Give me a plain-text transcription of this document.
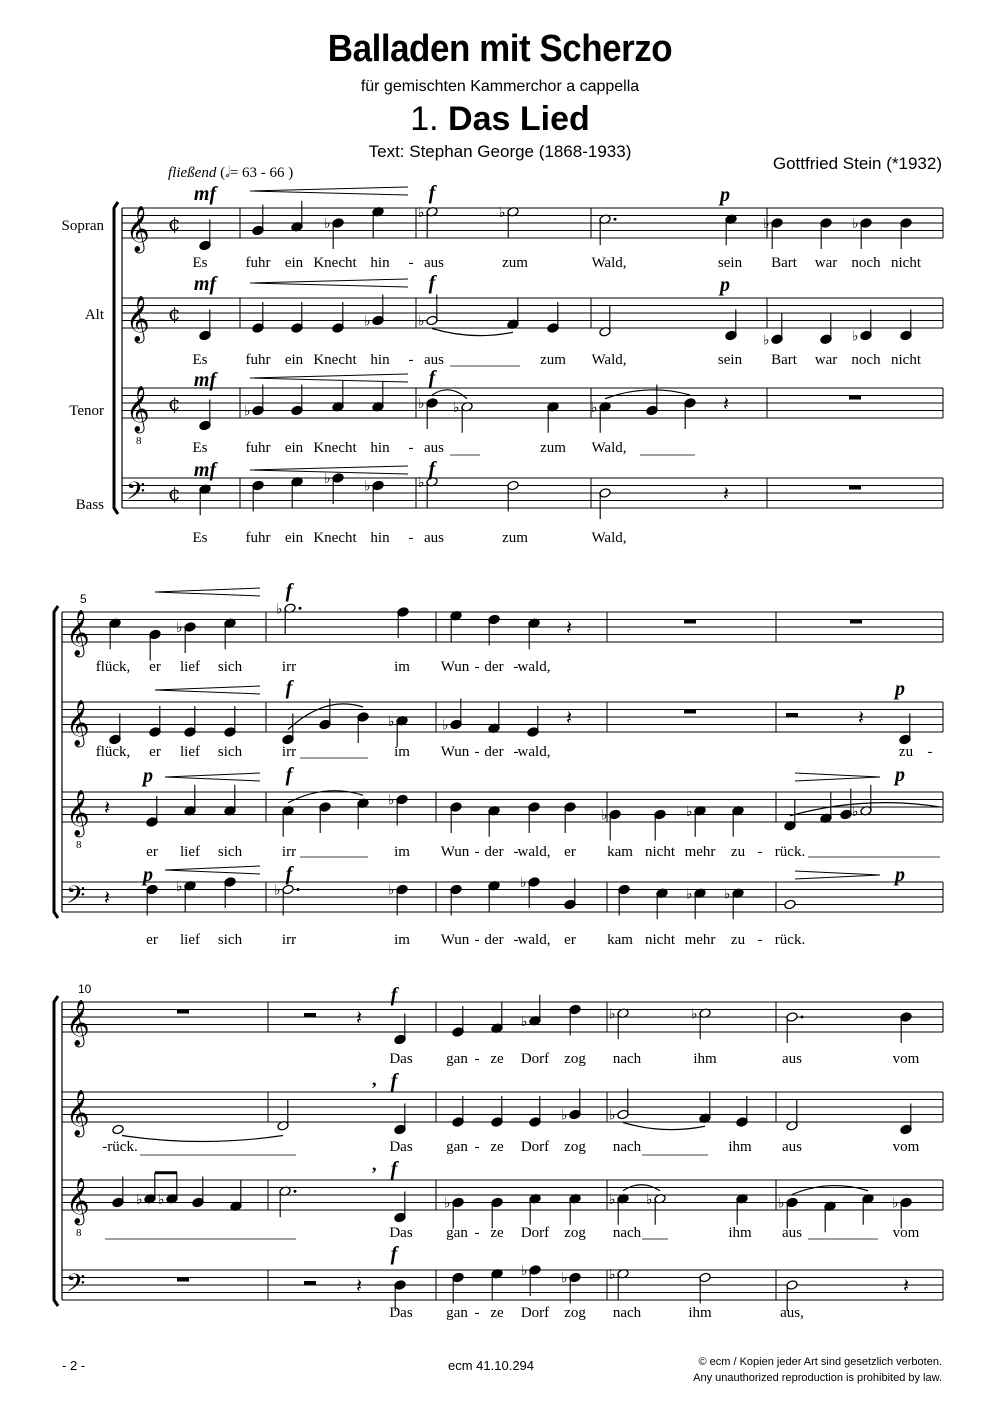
Balladen mit Scherzo
für gemischten Kammerchor a cappella
1. Das Lied
Text: Stephan George (1868-1933)
Gottfried Stein (*1932)
fließend (𝅗𝅥= 63 - 66 )
Sopran
Alt
Tenor
Bass
5
10
𝄞 ¢
𝄞 ¢
𝄞
8
¢
𝄢 ¢
𝄞
𝄞
𝄞
8
𝄢
𝄞
𝄞
𝄞
8
𝄢
♭
♭	♭
♭	♭
♭	♭
♭	♭
♭	♭ ♭	♭	𝄽
♭ ♭	♭	𝄽
♭
♭
𝄽
♭	♭	𝄽	𝄽
𝄽	♭
♭	♭	♭
𝄽	♭	♭	♭	♭
♭ ♭
𝄽	♭	♭	♭
♭	♭
♭ ♭	♭	♭ ♭	♭	♭
𝄽
♭ ♭	♭	𝄽
,
,
Es	fuhr ein Knecht hin - aus	zum	Wald,	sein Bart war noch nicht
Es	fuhr ein Knecht hin - aus	zum Wald,	sein Bart war noch nicht
Es	fuhr ein Knecht hin - aus	zum Wald,
Es	fuhr ein Knecht hin - aus	zum	Wald,
flück, er lief sich	irr	im Wun - der - wald,
flück, er lief sich	irr	im Wun - der - wald,	zu -
er lief sich	irr	im Wun - der - wald, er kam nicht mehr zu - rück.
er lief sich	irr	im Wun - der - wald, er kam nicht mehr zu - rück.
Das gan - ze Dorf zog nach	ihm	aus	vom
-rück.	Das gan - ze Dorf zog nach	ihm aus	vom
Das gan - ze Dorf zog nach	ihm aus	vom
Das gan - ze Dorf zog nach	ihm	aus,
mf	f	p
mf	f	p
mf	f
mf	f
f
f	p
p	f	p
p	f	p
f
f
f
f
- 2 -	ecm 41.10.294	© ecm / Kopien jeder Art sind gesetzlich verboten.
Any unauthorized reproduction is prohibited by law.
